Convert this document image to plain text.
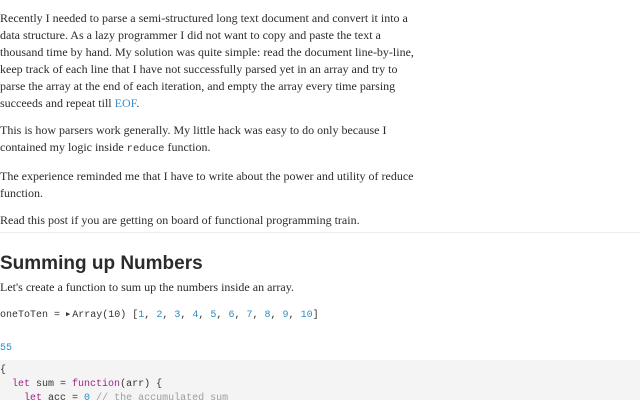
Recently I needed to parse a semi-structured long text document and convert it into a data structure. As a lazy programmer I did not want to copy and paste the text a thousand time by hand. My solution was quite simple: read the document line-by-line, keep track of each line that I have not successfully parsed yet in an array and try to parse the array at the end of each iteration, and empty the array every time parsing succeeds and repeat till EOF.

This is how parsers work generally. My little hack was easy to do only because I contained my logic inside reduce function.

The experience reminded me that I have to write about the power and utility of reduce function.

Read this post if you are getting on board of functional programming train.

Summing up Numbers

Let's create a function to sum up the numbers inside an array.

oneToTen = ▶ Array(10) [1, 2, 3, 4, 5, 6, 7, 8, 9, 10]
55
{
let sum = function(arr) {
let acc = 0 // the accumulated sum
